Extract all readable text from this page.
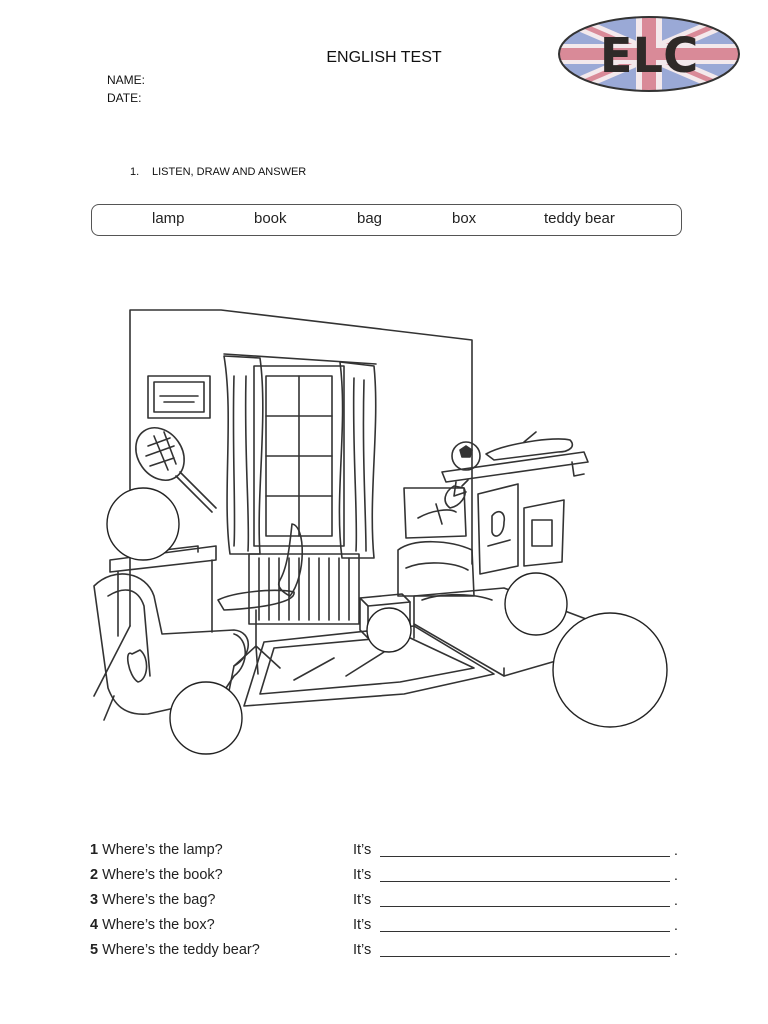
ENGLISH TEST
NAME:
DATE:
ELC
1. LISTEN, DRAW AND ANSWER
lamp	book	bag	box	teddy bear
1 Where’s the lamp?	It’s	.
2 Where’s the book?	It’s	.
3 Where’s the bag?	It’s	.
4 Where’s the box?	It’s	.
5 Where’s the teddy bear?	It’s	.
